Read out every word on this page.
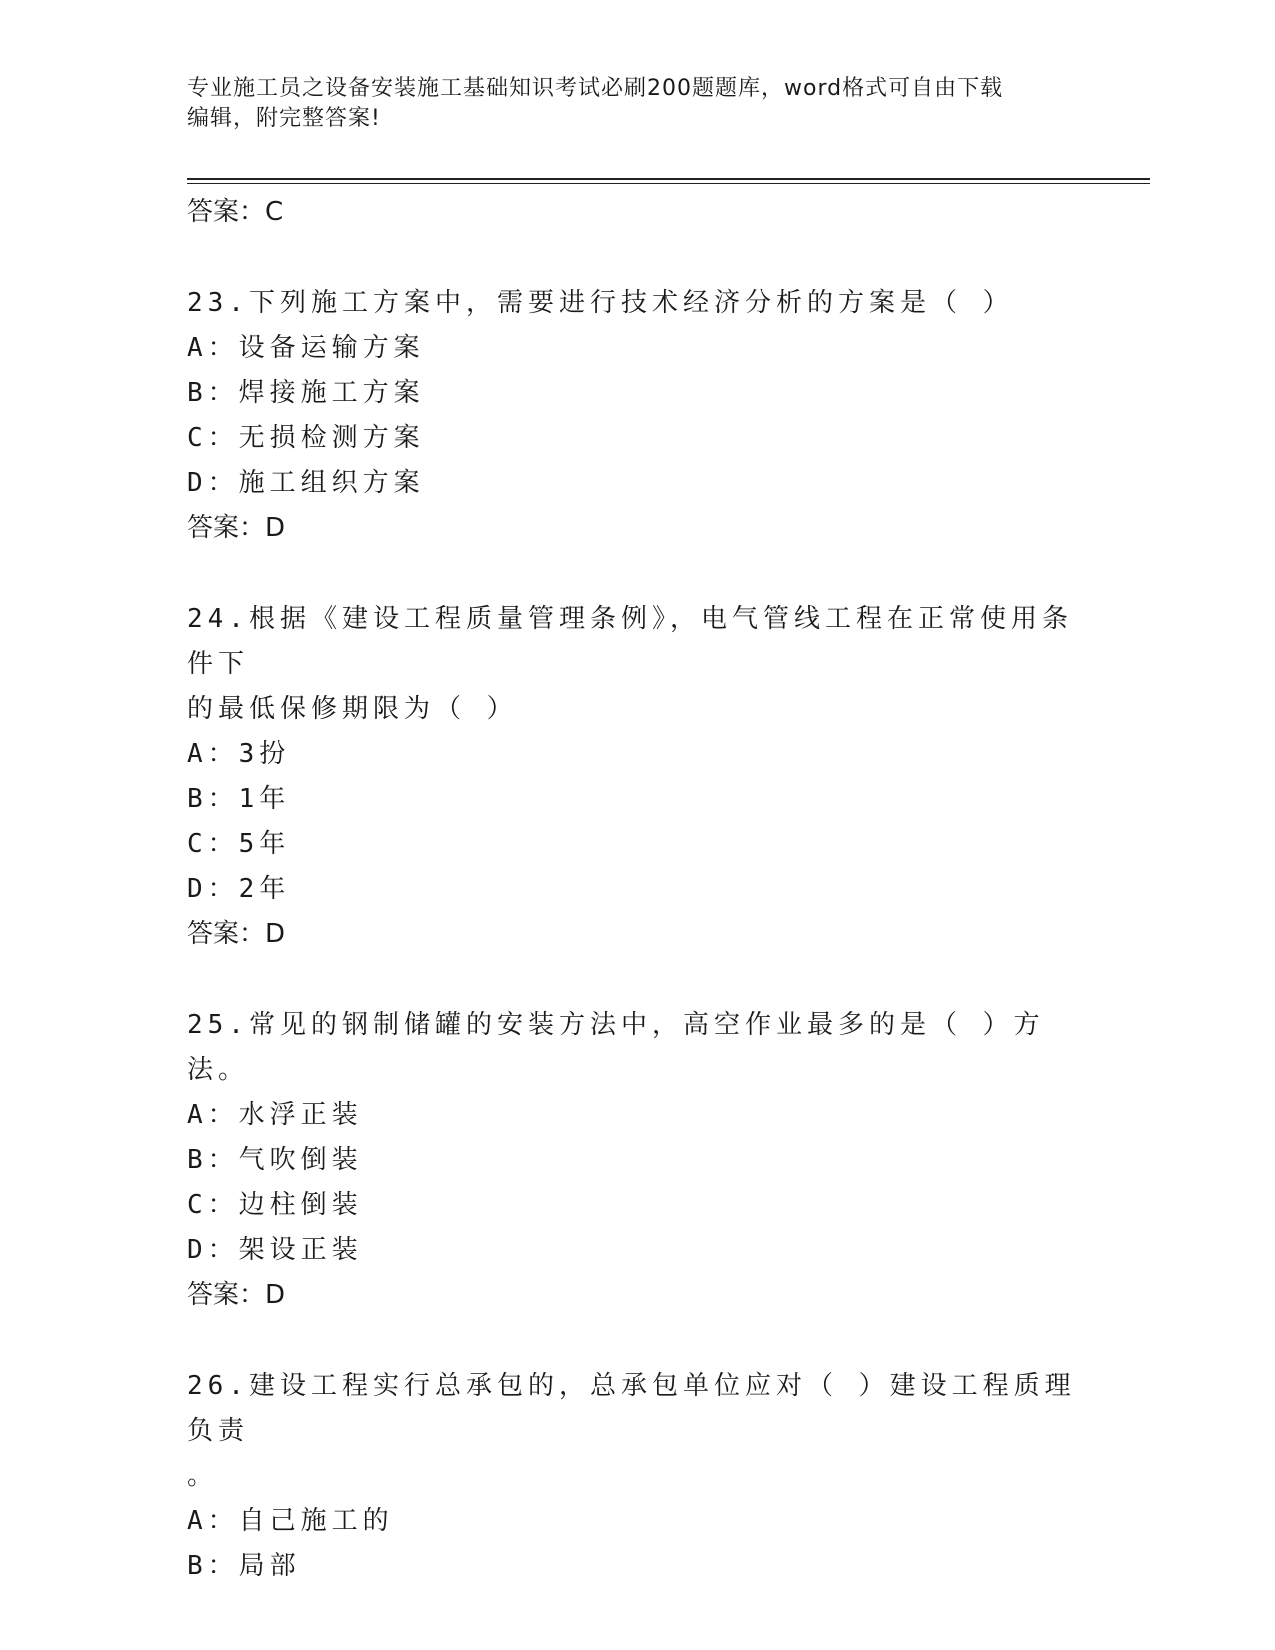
专业施工员之设备安装施工基础知识考试必刷200题题库，word格式可自由下载
编辑，附完整答案!
答案：C
23.下列施工方案中，需要进行技术经济分析的方案是（ ）
A：设备运输方案
B：焊接施工方案
C：无损检测方案
D：施工组织方案
答案：D
24.根据《建设工程质量管理条例》，电气管线工程在正常使用条件下
的最低保修期限为（ ）
A：3扮
B：1年
C：5年
D：2年
答案：D
25.常见的钢制储罐的安装方法中，高空作业最多的是（ ）方法。
A：水浮正装
B：气吹倒装
C：边柱倒装
D：架设正装
答案：D
26.建设工程实行总承包的，总承包单位应对（ ）建设工程质理负责
。
A：自己施工的
B：局部
